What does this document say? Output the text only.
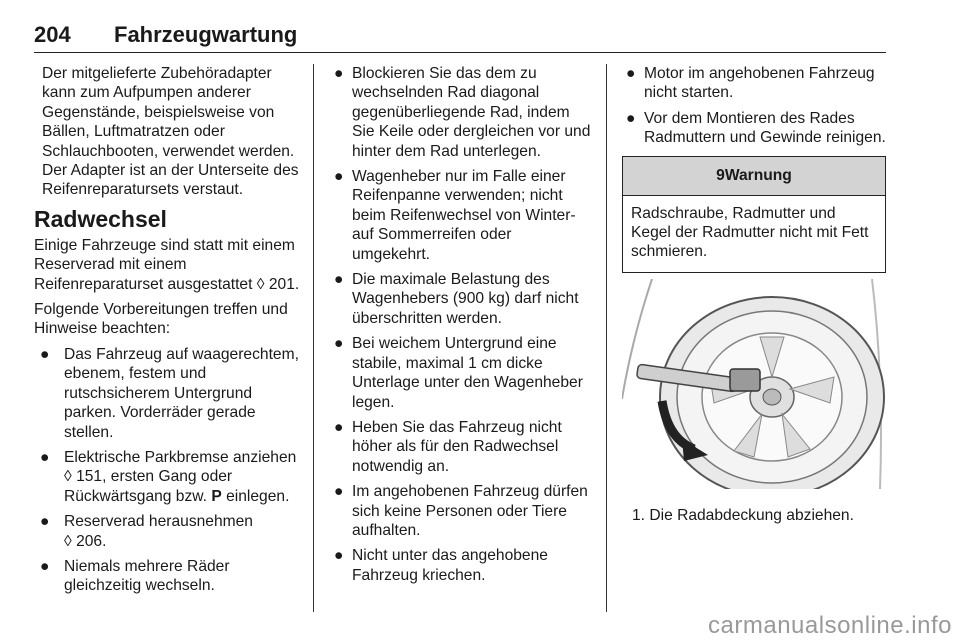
204 Fahrzeugwartung

Der mitgelieferte Zubehöradapter kann zum Aufpumpen anderer Gegenstände, beispielsweise von Bällen, Luftmatratzen oder Schlauchbooten, verwendet werden. Der Adapter ist an der Unterseite des Reifenreparatursets verstaut.

Radwechsel

Einige Fahrzeuge sind statt mit einem Reserverad mit einem Reifenreparaturset ausgestattet ◊ 201.

Folgende Vorbereitungen treffen und Hinweise beachten:

● Das Fahrzeug auf waagerechtem, ebenem, festem und rutschsicherem Untergrund parken. Vorderräder gerade stellen.
● Elektrische Parkbremse anziehen ◊ 151, ersten Gang oder Rückwärtsgang bzw. P einlegen.
● Reserverad herausnehmen
◊ 206.
● Niemals mehrere Räder gleichzeitig wechseln.
● Blockieren Sie das dem zu wechselnden Rad diagonal gegenüberliegende Rad, indem Sie Keile oder dergleichen vor und hinter dem Rad unterlegen.
● Wagenheber nur im Falle einer Reifenpanne verwenden; nicht beim Reifenwechsel von Winter- auf Sommerreifen oder umgekehrt.
● Die maximale Belastung des Wagenhebers (900 kg) darf nicht überschritten werden.
● Bei weichem Untergrund eine stabile, maximal 1 cm dicke Unterlage unter den Wagenheber legen.
● Heben Sie das Fahrzeug nicht höher als für den Radwechsel notwendig an.
● Im angehobenen Fahrzeug dürfen sich keine Personen oder Tiere aufhalten.
● Nicht unter das angehobene Fahrzeug kriechen.
● Motor im angehobenen Fahrzeug nicht starten.
● Vor dem Montieren des Rades Radmuttern und Gewinde reinigen.
9Warnung
Radschraube, Radmutter und Kegel der Radmutter nicht mit Fett schmieren.
1. Die Radabdeckung abziehen.
carmanualsonline.info
